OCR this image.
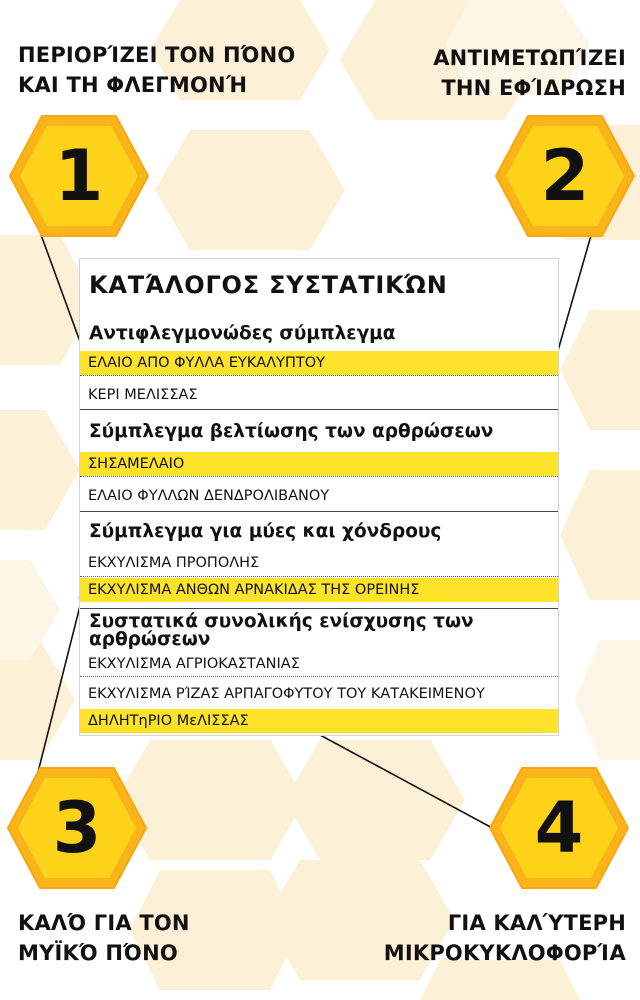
ΠΕΡΙΟΡΊΖΕΙ ΤΟΝ ΠΌΝΟ
ΚΑΙ ΤΗ ΦΛΕΓΜΟΝΉ

ΑΝΤΙΜΕΤΩΠΊΖΕΙ
ΤΗΝ ΕΦΊΔΡΩΣΗ

ΚΑΛΌ ΓΙΑ ΤΟΝ
ΜΥΪΚΌ ΠΌΝΟ

ΓΙΑ ΚΑΛΎΤΕΡΗ
ΜΙΚΡΟΚΥΚΛΟΦΟΡΊΑ

1	2
3	4
ΚΑΤΆΛΟΓΟΣ ΣΥΣΤΑΤΙΚΏΝ
Αντιφλεγμονώδες σύμπλεγμα
ΕΛΑΙΟ ΑΠΟ ΦΥΛΛΑ ΕΥΚΑΛΥΠΤΟΥ
ΚΕΡΙ ΜΕΛΙΣΣΑΣ
Σύμπλεγμα βελτίωσης των αρθρώσεων
ΣΗΣΑΜΕΛΑΙΟ
ΕΛΑΙΟ ΦΥΛΛΩΝ ΔΕΝΔΡΟΛΙΒΑΝΟΥ
Σύμπλεγμα για μύες και χόνδρους
ΕΚΧΥΛΙΣΜΑ ΠΡΟΠΟΛΗΣ
ΕΚΧΥΛΙΣΜΑ ΑΝΘΩΝ ΑΡΝΑΚΙΔΑΣ ΤΗΣ ΟΡΕΙΝΗΣ
Συστατικά συνολικής ενίσχυσης των
αρθρώσεων
ΕΚΧΥΛΙΣΜΑ ΑΓΡΙΟΚΑΣΤΑΝΙΑΣ
ΕΚΧΥΛΙΣΜΑ ΡΊΖΑΣ ΑΡΠΑΓΟΦΥΤΟΥ ΤΟΥ ΚΑΤΑΚΕΙΜΕΝΟΥ
ΔΗΛΗΤηΡΙΟ ΜεΛΙΣΣΑΣ
